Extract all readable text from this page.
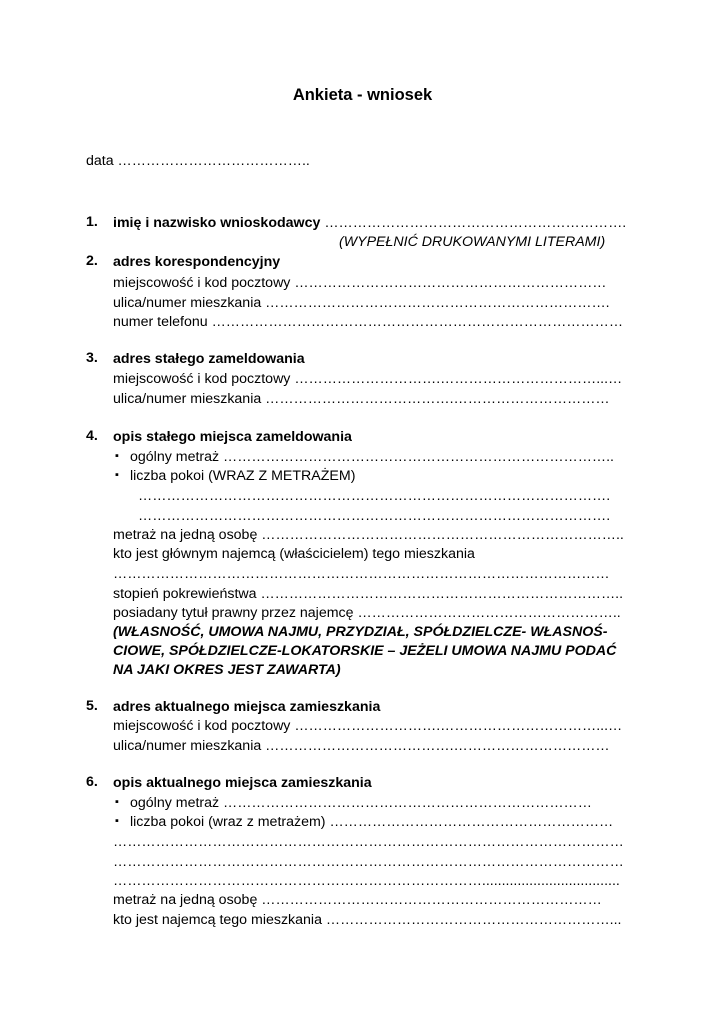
Ankieta - wniosek
data …………………………………..
1. imię i nazwisko wnioskodawcy ……………………………………………………….
(WYPEŁNIĆ DRUKOWANYMI LITERAMI)
2. adres korespondencyjny
miejscowość i kod pocztowy …………………………………………………………
ulica/numer mieszkania ……………………………………………………………….
numer telefonu ……………………………………………………………………………
3. adres stałego zameldowania
miejscowość i kod pocztowy ………………………….……………………………...…
ulica/numer mieszkania ………………………………….……………………………
4. opis stałego miejsca zameldowania
▪ ogólny metraż ………………………………………………………………………..
▪ liczba pokoi (WRAZ Z METRAŻEM)
……………………………………………………………………………………….
……………………………………………………………………………………….
metraż na jedną osobę …………………………………………………………………..
kto jest głównym najemcą (właścicielem) tego mieszkania
……………………………………………………………………………………………
stopień pokrewieństwa …………………………………………………………………..
posiadany tytuł prawny przez najemcę ………………………………………………..
(WŁASNOŚĆ, UMOWA NAJMU, PRZYDZIAŁ, SPÓŁDZIELCZE- WŁASNOŚ-
CIOWE, SPÓŁDZIELCZE-LOKATORSKIE – JEŻELI UMOWA NAJMU PODAĆ
NA JAKI OKRES JEST ZAWARTA)
5. adres aktualnego miejsca zamieszkania
miejscowość i kod pocztowy ………………………….……………………………...…
ulica/numer mieszkania ………………………………….……………………………
6. opis aktualnego miejsca zamieszkania
▪ ogólny metraż ……………………………………………………………………
▪ liczba pokoi (wraz z metrażem) ……………………………………………………
………………………………………………………………………………………………
………………………………………………………………………………………………
……………………………………………………………………...................................
metraż na jedną osobę ………………………………………………………………
kto jest najemcą tego mieszkania ……………………………………………………...
